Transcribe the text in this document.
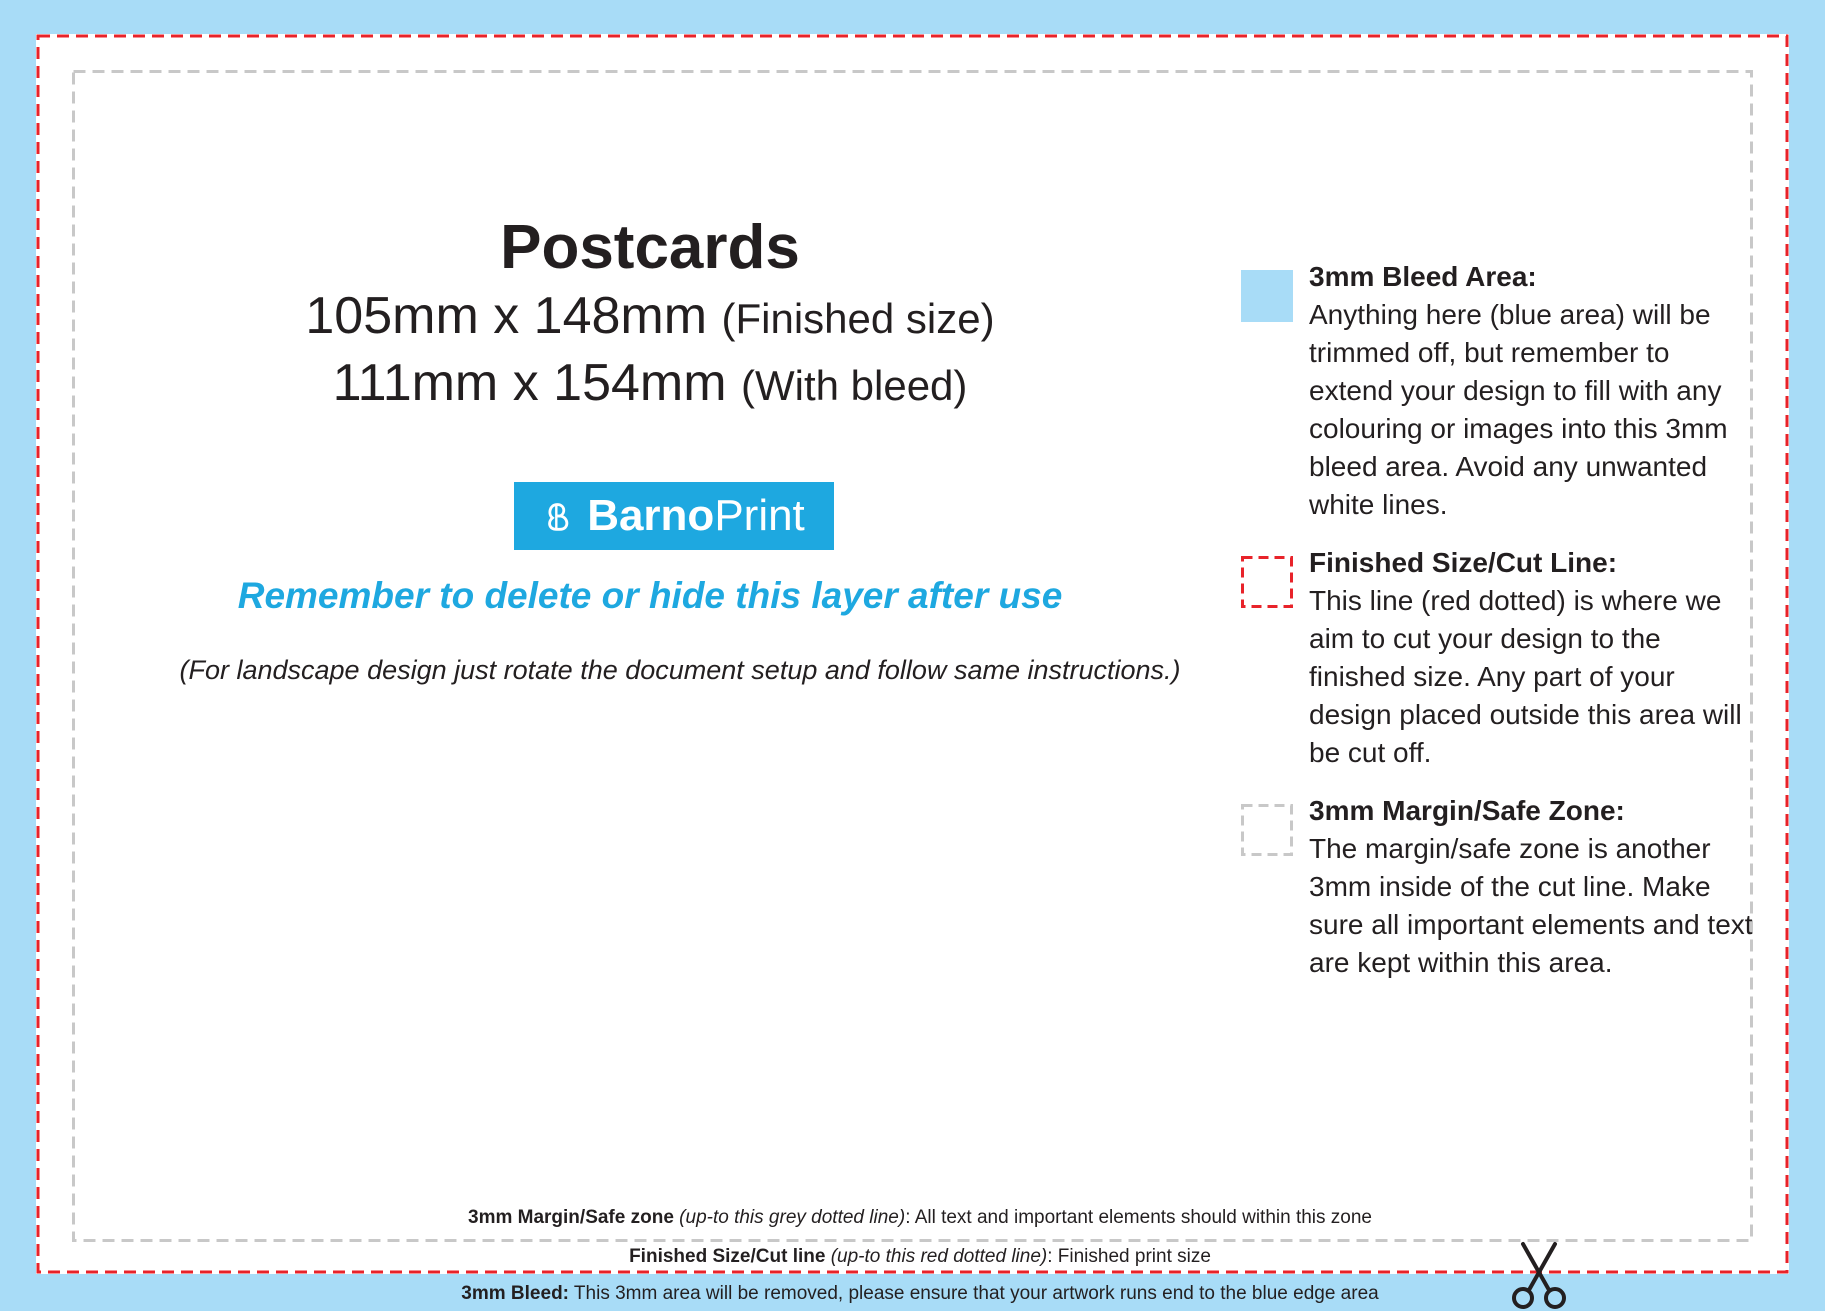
Postcards
105mm x 148mm (Finished size)
111mm x 154mm (With bleed)
BarnoPrint
Remember to delete or hide this layer after use
(For landscape design just rotate the document setup and follow same instructions.)
3mm Bleed Area:
Anything here (blue area) will be trimmed off, but remember to extend your design to fill with any colouring or images into this 3mm bleed area. Avoid any unwanted white lines.
Finished Size/Cut Line:
This line (red dotted) is where we aim to cut your design to the finished size. Any part of your design placed outside this area will be cut off.
3mm Margin/Safe Zone:
The margin/safe zone is another 3mm inside of the cut line. Make sure all important elements and text are kept within this area.
3mm Margin/Safe zone (up-to this grey dotted line): All text and important elements should within this zone
Finished Size/Cut line (up-to this red dotted line): Finished print size
3mm Bleed: This 3mm area will be removed, please ensure that your artwork runs end to the blue edge area
